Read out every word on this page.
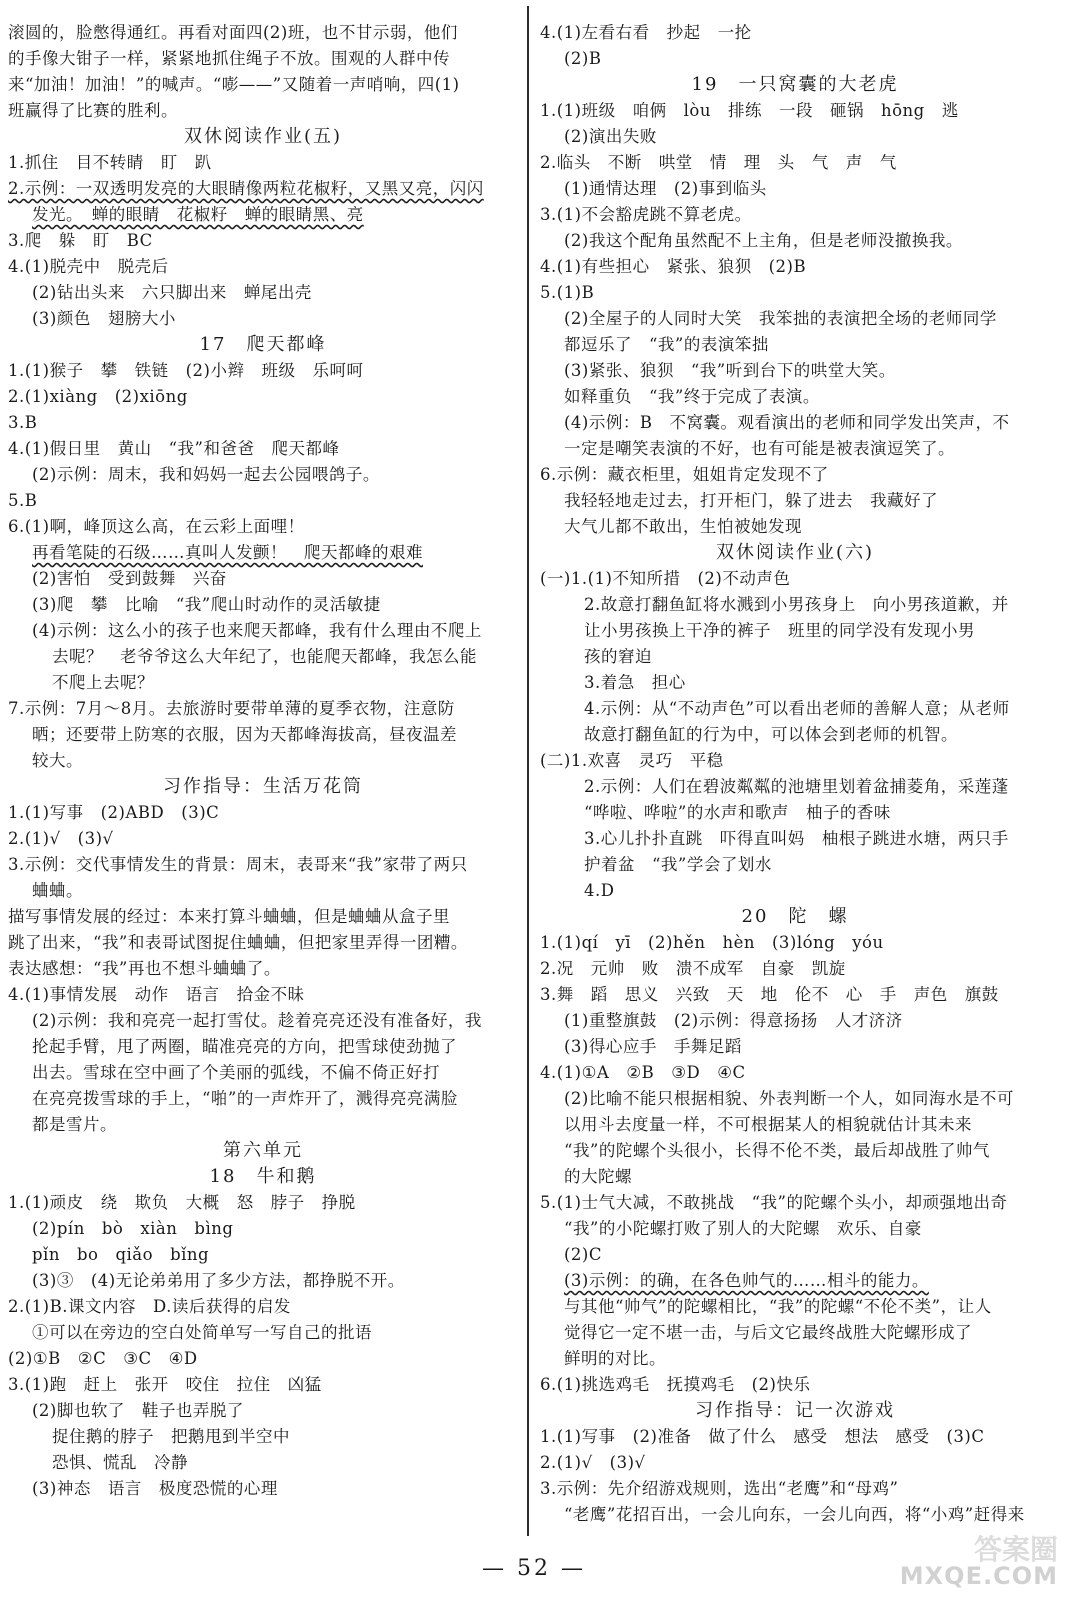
滚圆的，脸憋得通红。再看对面四(2)班，也不甘示弱，他们
的手像大钳子一样，紧紧地抓住绳子不放。围观的人群中传
来“加油！加油！”的喊声。“嘭——”又随着一声哨响，四(1)
班赢得了比赛的胜利。
双休阅读作业(五)
1.抓住　目不转睛　盯　趴
2.示例：一双透明发亮的大眼睛像两粒花椒籽，又黑又亮，闪闪
发光。　蝉的眼睛　花椒籽　蝉的眼睛黑、亮
3.爬　躲　盯　BC
4.(1)脱壳中　脱壳后
(2)钻出头来　六只脚出来　蝉尾出壳
(3)颜色　翅膀大小
17　爬天都峰
1.(1)猴子　攀　铁链　(2)小辫　班级　乐呵呵
2.(1)xiàng　(2)xiōng
3.B
4.(1)假日里　黄山　“我”和爸爸　爬天都峰
(2)示例：周末，我和妈妈一起去公园喂鸽子。
5.B
6.(1)啊，峰顶这么高，在云彩上面哩！
再看笔陡的石级……真叫人发颤！　爬天都峰的艰难
(2)害怕　受到鼓舞　兴奋
(3)爬　攀　比喻　“我”爬山时动作的灵活敏捷
(4)示例：这么小的孩子也来爬天都峰，我有什么理由不爬上
去呢？　老爷爷这么大年纪了，也能爬天都峰，我怎么能
不爬上去呢？
7.示例：7月～8月。去旅游时要带单薄的夏季衣物，注意防
晒；还要带上防寒的衣服，因为天都峰海拔高，昼夜温差
较大。
习作指导：生活万花筒
1.(1)写事　(2)ABD　(3)C
2.(1)√　(3)√
3.示例：交代事情发生的背景：周末，表哥来“我”家带了两只
蛐蛐。
描写事情发展的经过：本来打算斗蛐蛐，但是蛐蛐从盒子里
跳了出来，“我”和表哥试图捉住蛐蛐，但把家里弄得一团糟。
表达感想：“我”再也不想斗蛐蛐了。
4.(1)事情发展　动作　语言　拾金不昧
(2)示例：我和亮亮一起打雪仗。趁着亮亮还没有准备好，我
抡起手臂，甩了两圈，瞄准亮亮的方向，把雪球使劲抛了
出去。雪球在空中画了个美丽的弧线，不偏不倚正好打
在亮亮拨雪球的手上，“啪”的一声炸开了，溅得亮亮满脸
都是雪片。
第六单元
18　牛和鹅
1.(1)顽皮　绕　欺负　大概　怒　脖子　挣脱
(2)pín　bò　xiàn　bìng
pǐn　bo　qiǎo　bǐng
(3)③　(4)无论弟弟用了多少方法，都挣脱不开。
2.(1)B.课文内容　D.读后获得的启发
①可以在旁边的空白处简单写一写自己的批语
(2)①B　②C　③C　④D
3.(1)跑　赶上　张开　咬住　拉住　凶猛
(2)脚也软了　鞋子也弄脱了
捉住鹅的脖子　把鹅甩到半空中
恐惧、慌乱　冷静
(3)神态　语言　极度恐慌的心理
4.(1)左看右看　抄起　一抡
(2)B
19　一只窝囊的大老虎
1.(1)班级　咱俩　lòu　排练　一段　砸锅　hōng　逃
(2)演出失败
2.临头　不断　哄堂　情　理　头　气　声　气
(1)通情达理　(2)事到临头
3.(1)不会豁虎跳不算老虎。
(2)我这个配角虽然配不上主角，但是老师没撤换我。
4.(1)有些担心　紧张、狼狈　(2)B
5.(1)B
(2)全屋子的人同时大笑　我笨拙的表演把全场的老师同学
都逗乐了　“我”的表演笨拙
(3)紧张、狼狈　“我”听到台下的哄堂大笑。
如释重负　“我”终于完成了表演。
(4)示例：B　不窝囊。观看演出的老师和同学发出笑声，不
一定是嘲笑表演的不好，也有可能是被表演逗笑了。
6.示例：藏衣柜里，姐姐肯定发现不了
我轻轻地走过去，打开柜门，躲了进去　我藏好了
大气儿都不敢出，生怕被她发现
双休阅读作业(六)
(一)1.(1)不知所措　(2)不动声色
2.故意打翻鱼缸将水溅到小男孩身上　向小男孩道歉，并
让小男孩换上干净的裤子　班里的同学没有发现小男
孩的窘迫
3.着急　担心
4.示例：从“不动声色”可以看出老师的善解人意；从老师
故意打翻鱼缸的行为中，可以体会到老师的机智。
(二)1.欢喜　灵巧　平稳
2.示例：人们在碧波粼粼的池塘里划着盆捕菱角，采莲蓬
“哗啦、哗啦”的水声和歌声　柚子的香味
3.心儿扑扑直跳　吓得直叫妈　柚根子跳进水塘，两只手
护着盆　“我”学会了划水
4.D
20　陀　螺
1.(1)qí　yī　(2)hěn　hèn　(3)lóng　yóu
2.况　元帅　败　溃不成军　自豪　凯旋
3.舞　蹈　思义　兴致　天　地　伦不　心　手　声色　旗鼓
(1)重整旗鼓　(2)示例：得意扬扬　人才济济
(3)得心应手　手舞足蹈
4.(1)①A　②B　③D　④C
(2)比喻不能只根据相貌、外表判断一个人，如同海水是不可
以用斗去度量一样，不可根据某人的相貌就估计其未来
“我”的陀螺个头很小，长得不伦不类，最后却战胜了帅气
的大陀螺
5.(1)士气大减，不敢挑战　“我”的陀螺个头小，却顽强地出奇
“我”的小陀螺打败了别人的大陀螺　欢乐、自豪
(2)C
(3)示例：的确，在各色帅气的……相斗的能力。
与其他“帅气”的陀螺相比，“我”的陀螺“不伦不类”，让人
觉得它一定不堪一击，与后文它最终战胜大陀螺形成了
鲜明的对比。
6.(1)挑选鸡毛　抚摸鸡毛　(2)快乐
习作指导：记一次游戏
1.(1)写事　(2)准备　做了什么　感受　想法　感受　(3)C
2.(1)√　(3)√
3.示例：先介绍游戏规则，选出“老鹰”和“母鸡”
“老鹰”花招百出，一会儿向东，一会儿向西，将“小鸡”赶得来
— 52 —
答案圈
MXQE.COM
